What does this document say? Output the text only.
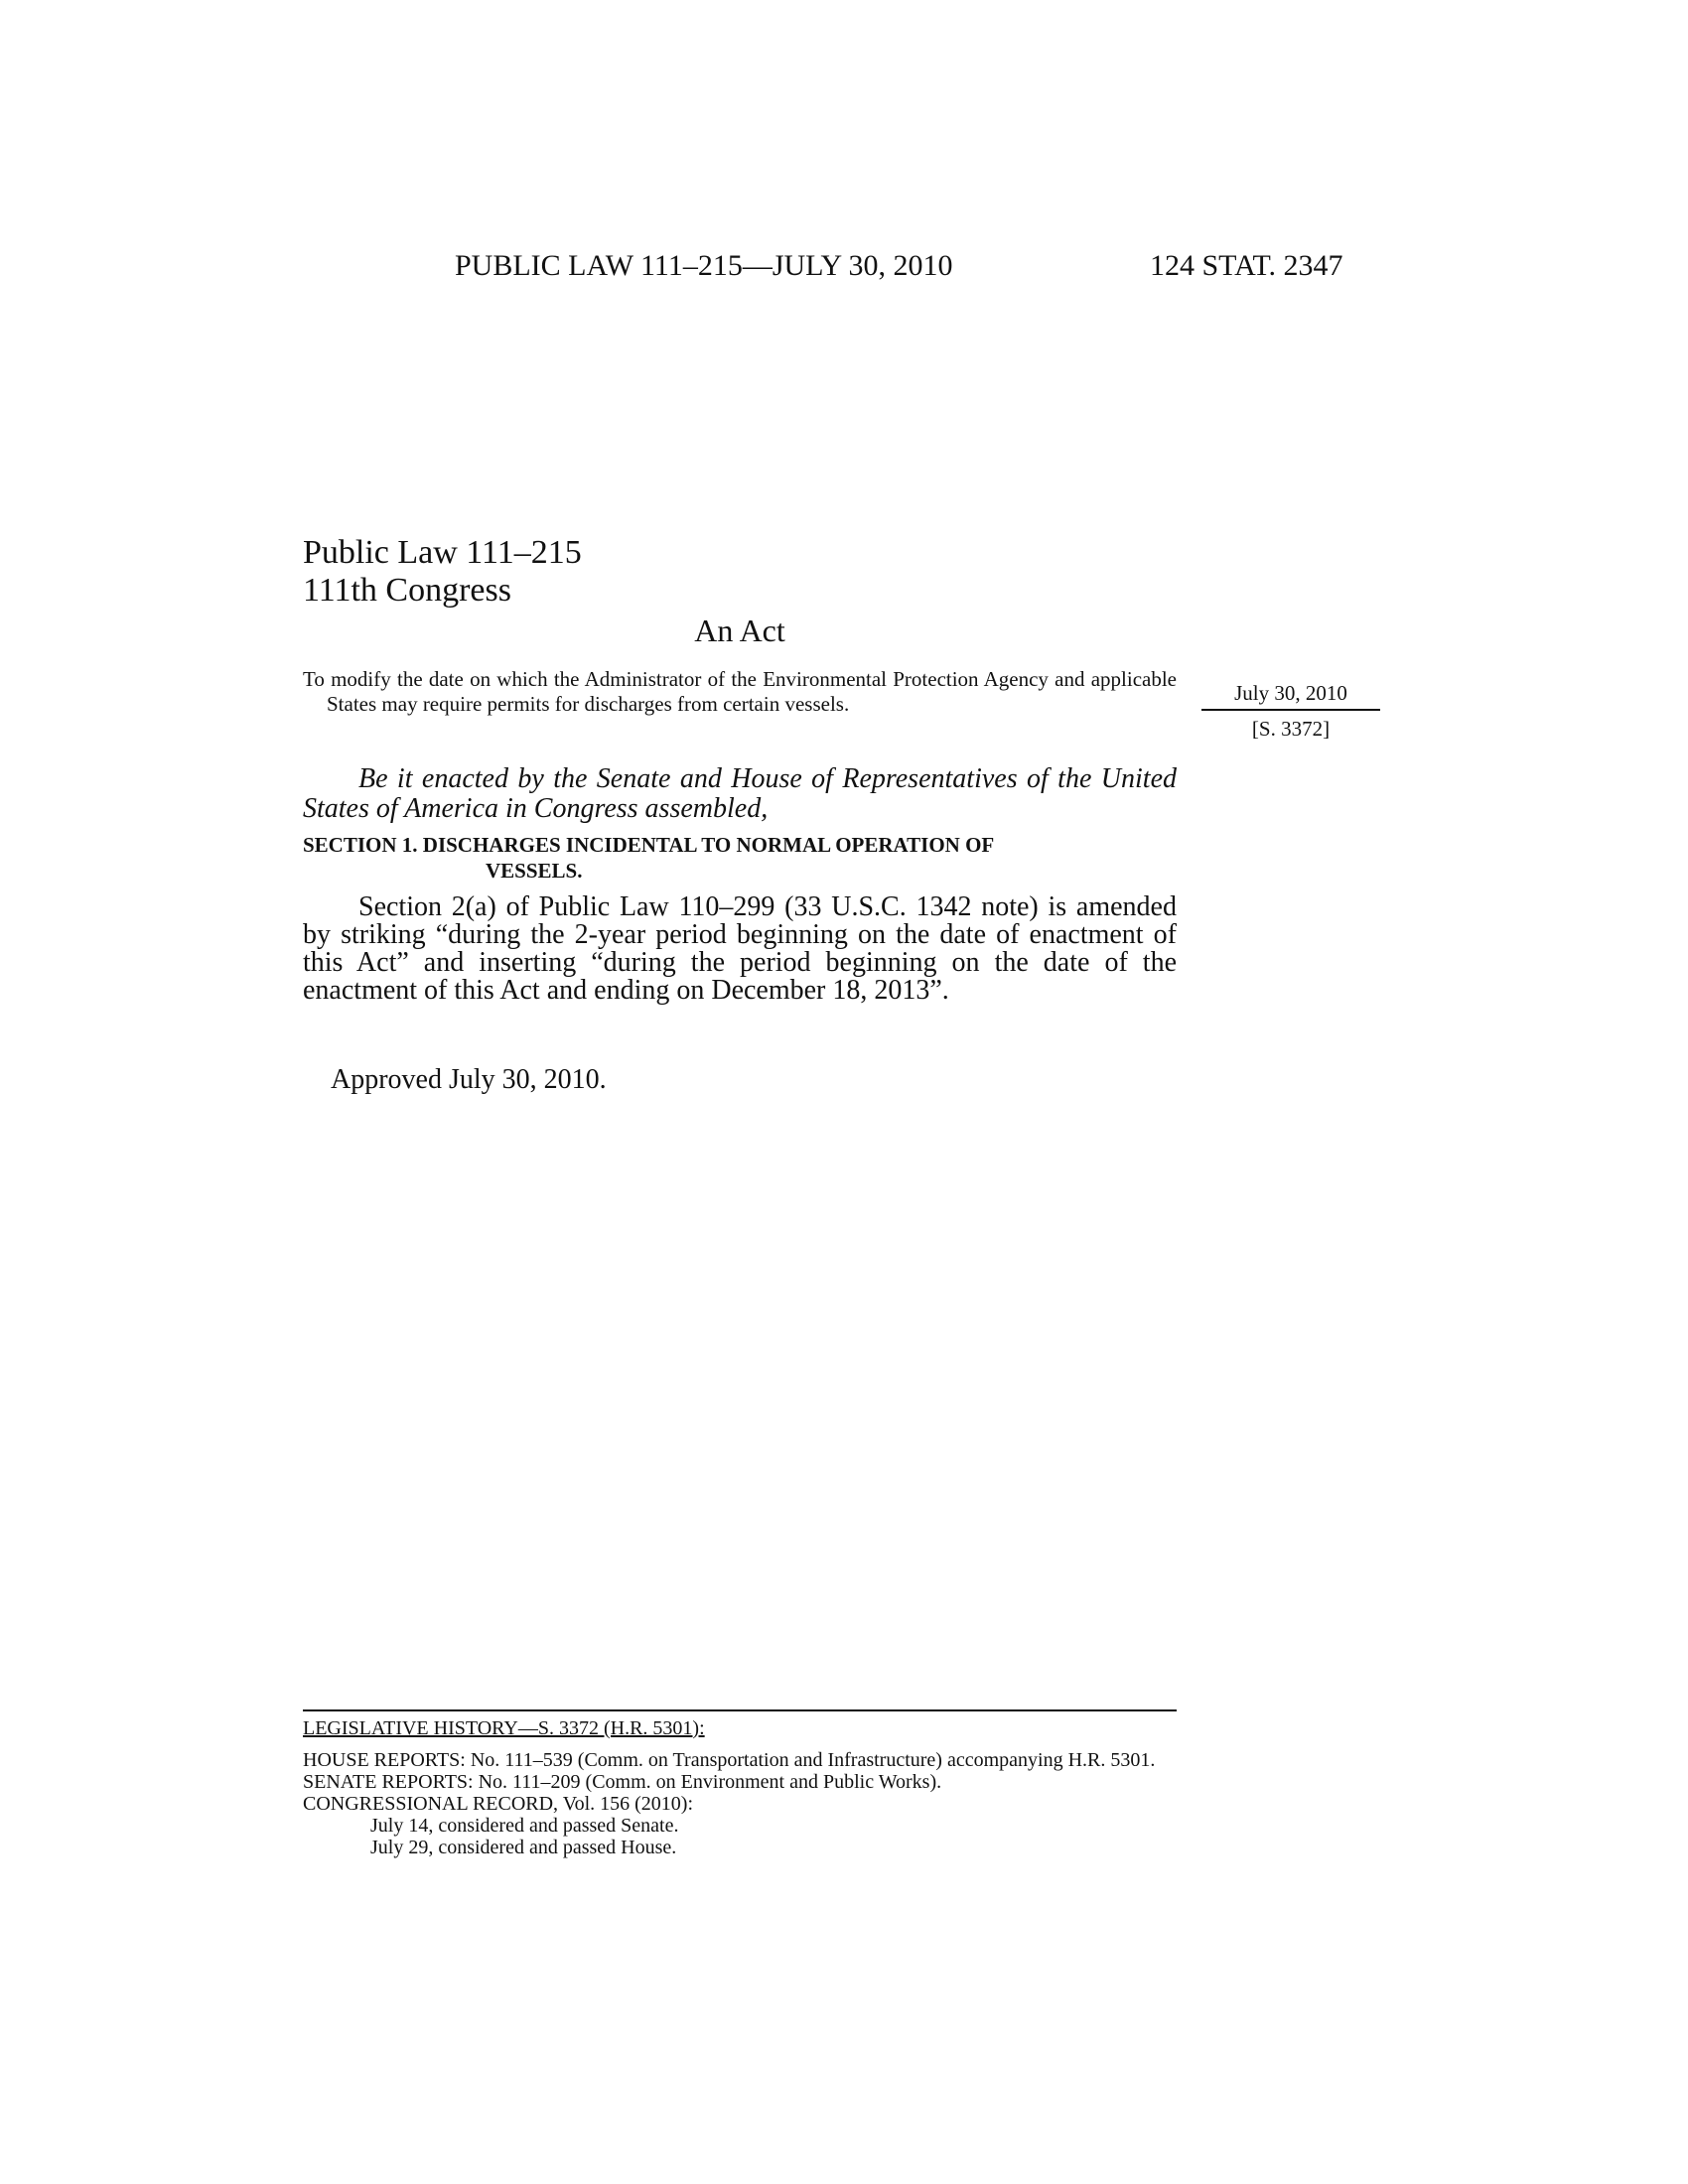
PUBLIC LAW 111–215—JULY 30, 2010	124 STAT. 2347
Public Law 111–215
111th Congress
An Act
To modify the date on which the Administrator of the Environmental Protection Agency and applicable States may require permits for discharges from certain vessels.	July 30, 2010
[S. 3372]
Be it enacted by the Senate and House of Representatives of the United States of America in Congress assembled,
SECTION 1. DISCHARGES INCIDENTAL TO NORMAL OPERATION OF
VESSELS.
Section 2(a) of Public Law 110–299 (33 U.S.C. 1342 note) is amended by striking “during the 2-year period beginning on the date of enactment of this Act” and inserting “during the period beginning on the date of the enactment of this Act and ending on December 18, 2013”.
Approved July 30, 2010.
LEGISLATIVE HISTORY—S. 3372 (H.R. 5301):
HOUSE REPORTS: No. 111–539 (Comm. on Transportation and Infrastructure) accompanying H.R. 5301.
SENATE REPORTS: No. 111–209 (Comm. on Environment and Public Works).
CONGRESSIONAL RECORD, Vol. 156 (2010):
July 14, considered and passed Senate.
July 29, considered and passed House.
